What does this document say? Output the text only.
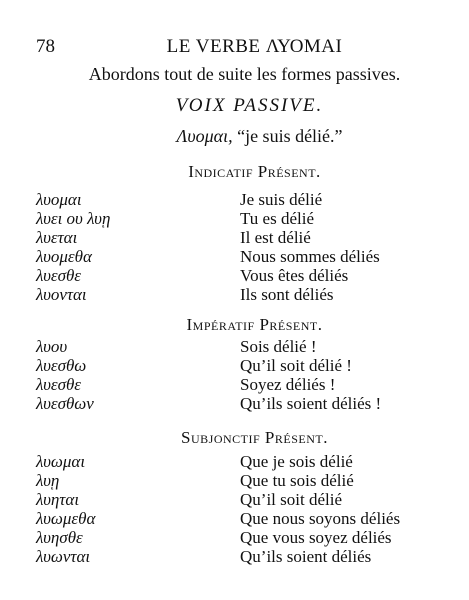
78	LE VERBE ΛΥΟΜΑΙ
Abordons tout de suite les formes passives.
VOIX PASSIVE.
Λυομαι, “je suis délié.”
Indicatif Présent.
λυομαι	Je suis délié
λυει ου λυῃ	Tu es délié
λυεται	Il est délié
λυομεθα	Nous sommes déliés
λυεσθε	Vous êtes déliés
λυονται	Ils sont déliés
Impératif Présent.
λυου	Sois délié !
λυεσθω	Qu’il soit délié !
λυεσθε	Soyez déliés !
λυεσθων	Qu’ils soient déliés !
Subjonctif Présent.
λυωμαι	Que je sois délié
λυῃ	Que tu sois délié
λυηται	Qu’il soit délié
λυωμεθα	Que nous soyons déliés
λυησθε	Que vous soyez déliés
λυωνται	Qu’ils soient déliés
